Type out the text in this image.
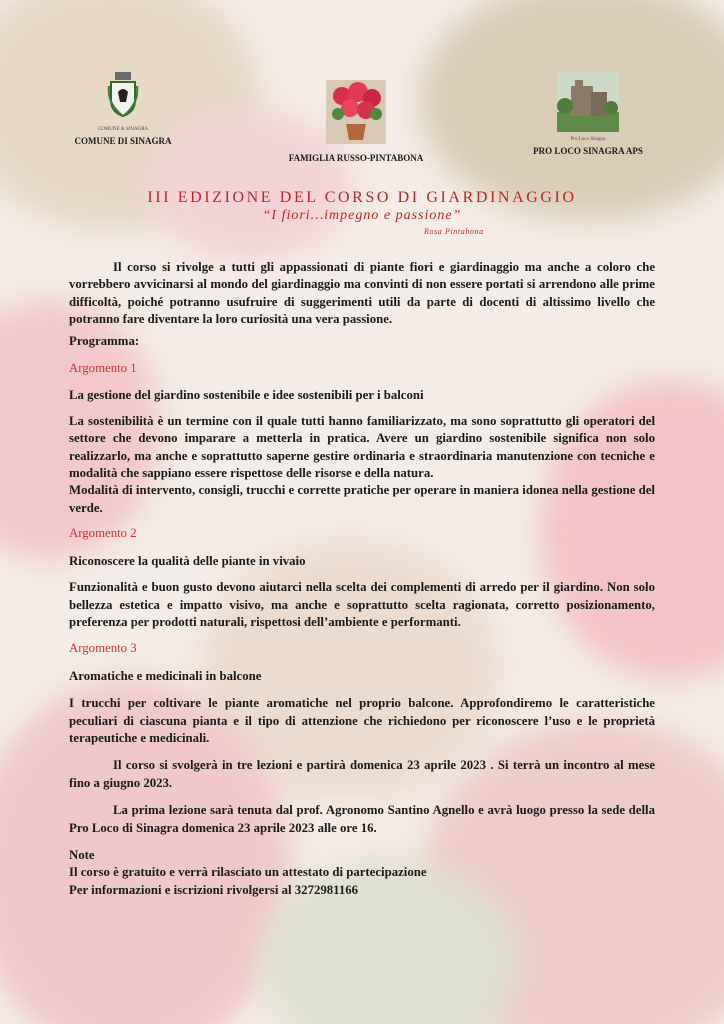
COMUNE di SINAGRA
COMUNE DI SINAGRA
FAMIGLIA RUSSO-PINTABONA
Pro Loco Sinagra
PRO LOCO SINAGRA APS
III EDIZIONE DEL CORSO DI GIARDINAGGIO
“I fiori…impegno e passione”
Rosa Pintabona

Il corso si rivolge a tutti gli appassionati di piante fiori e giardinaggio ma anche a coloro che vorrebbero avvicinarsi al mondo del giardinaggio ma convinti di non essere portati si arrendono alle prime difficoltà, poiché potranno usufruire di suggerimenti utili da parte di docenti di altissimo livello che potranno fare diventare la loro curiosità una vera passione.

Programma:

Argomento 1

La gestione del giardino sostenibile e idee sostenibili per i balconi

La sostenibilità è un termine con il quale tutti hanno familiarizzato, ma sono soprattutto gli operatori del settore che devono imparare a metterla in pratica. Avere un giardino sostenibile significa non solo realizzarlo, ma anche e soprattutto saperne gestire ordinaria e straordinaria manutenzione con tecniche e modalità che sappiano essere rispettose delle risorse e della natura.

Modalità di intervento, consigli, trucchi e corrette pratiche per operare in maniera idonea nella gestione del verde.

Argomento 2

Riconoscere la qualità delle piante in vivaio

Funzionalità e buon gusto devono aiutarci nella scelta dei complementi di arredo per il giardino. Non solo bellezza estetica e impatto visivo, ma anche e soprattutto scelta ragionata, corretto posizionamento, preferenza per prodotti naturali, rispettosi dell’ambiente e performanti.

Argomento 3

Aromatiche e medicinali in balcone

I trucchi per coltivare le piante aromatiche nel proprio balcone. Approfondiremo le caratteristiche peculiari di ciascuna pianta e il tipo di attenzione che richiedono per riconoscere l’uso e le proprietà terapeutiche e medicinali.

Il corso si svolgerà in tre lezioni e partirà domenica 23 aprile 2023 . Si terrà un incontro al mese fino a giugno 2023.

La prima lezione sarà tenuta dal prof. Agronomo Santino Agnello e avrà luogo presso la sede della Pro Loco di Sinagra domenica 23 aprile 2023 alle ore 16.

Note

Il corso è gratuito e verrà rilasciato un attestato di partecipazione

Per informazioni e iscrizioni rivolgersi al 3272981166
